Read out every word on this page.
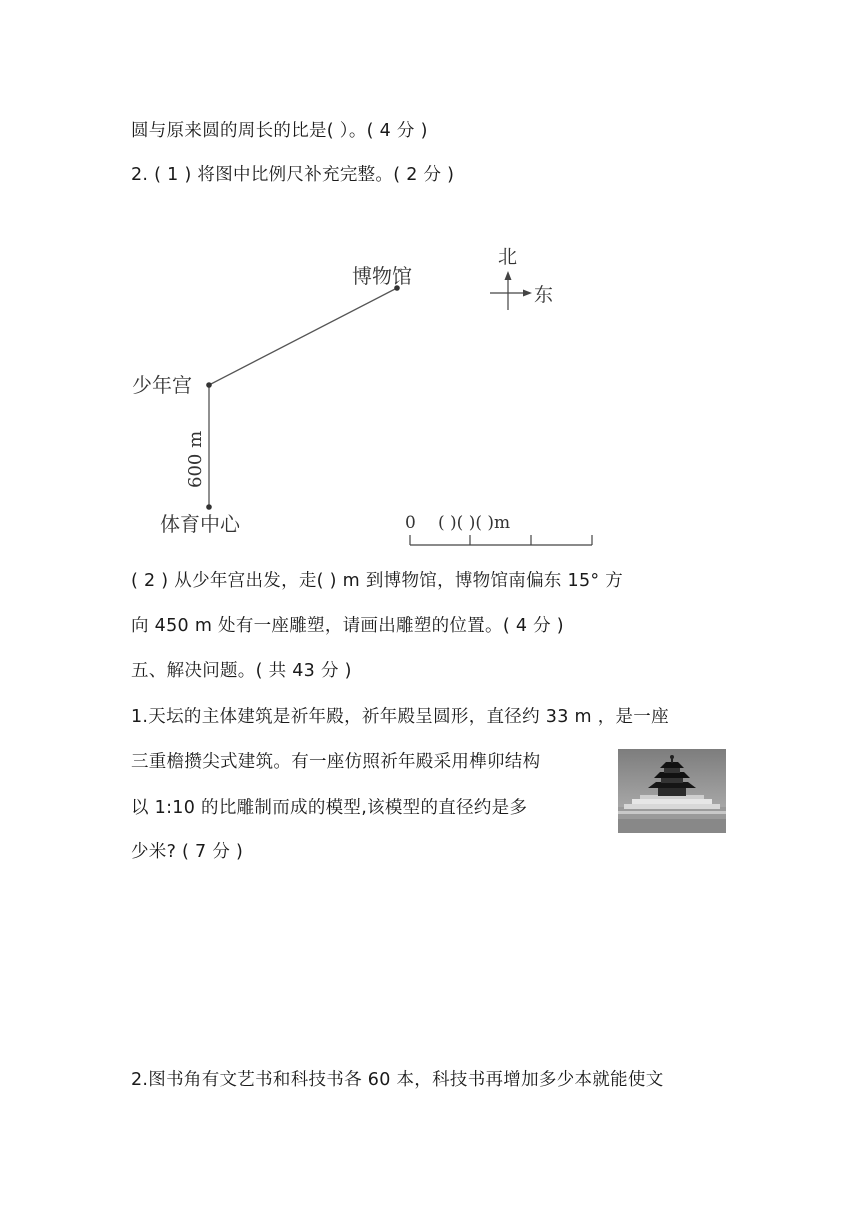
圆与原来圆的周长的比是( ）。( 4 分 )
2. ( 1 ) 将图中比例尺补充完整。( 2 分 )
博物馆
少年宫
体育中心
600 m
北
东
0 ( )( )( )m
( 2 ) 从少年宫出发，走( ) m 到博物馆，博物馆南偏东 15° 方
向 450 m 处有一座雕塑，请画出雕塑的位置。( 4 分 )
五、解决问题。( 共 43 分 )
1.天坛的主体建筑是祈年殿，祈年殿呈圆形，直径约 33 m ，是一座
三重檐攒尖式建筑。有一座仿照祈年殿采用榫卯结构
以 1:10 的比雕制而成的模型,该模型的直径约是多
少米? ( 7 分 )
2.图书角有文艺书和科技书各 60 本，科技书再增加多少本就能使文
